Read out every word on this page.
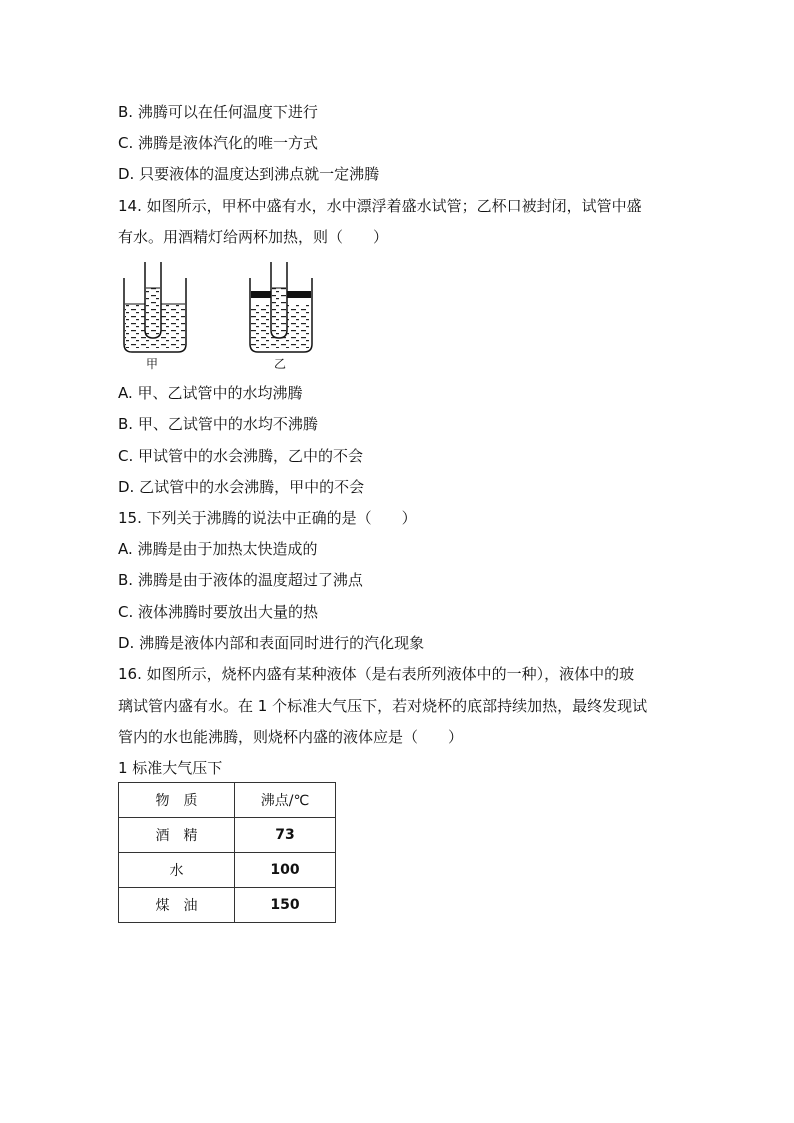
B. 沸腾可以在任何温度下进行
C. 沸腾是液体汽化的唯一方式
D. 只要液体的温度达到沸点就一定沸腾
14. 如图所示，甲杯中盛有水，水中漂浮着盛水试管；乙杯口被封闭，试管中盛
有水。用酒精灯给两杯加热，则（　　）
甲	乙
A. 甲、乙试管中的水均沸腾
B. 甲、乙试管中的水均不沸腾
C. 甲试管中的水会沸腾，乙中的不会
D. 乙试管中的水会沸腾，甲中的不会
15. 下列关于沸腾的说法中正确的是（　　）
A. 沸腾是由于加热太快造成的
B. 沸腾是由于液体的温度超过了沸点
C. 液体沸腾时要放出大量的热
D. 沸腾是液体内部和表面同时进行的汽化现象
16. 如图所示，烧杯内盛有某种液体（是右表所列液体中的一种），液体中的玻
璃试管内盛有水。在 1 个标准大气压下，若对烧杯的底部持续加热，最终发现试
管内的水也能沸腾，则烧杯内盛的液体应是（　　）
1 标准大气压下
物　质	沸点/℃
酒　精	73
水	100
煤　油	150
